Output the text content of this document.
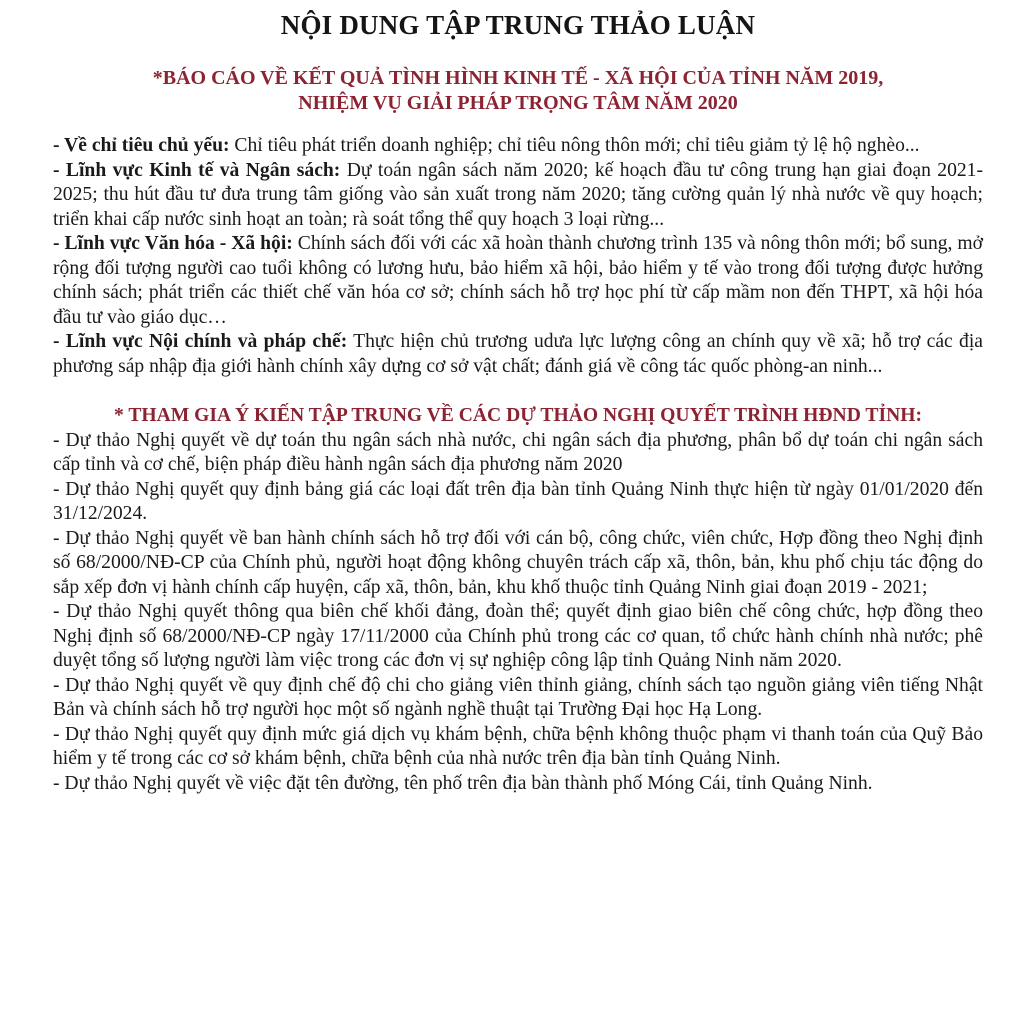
NỘI DUNG TẬP TRUNG THẢO LUẬN
*BÁO CÁO VỀ KẾT QUẢ TÌNH HÌNH KINH TẾ - XÃ HỘI CỦA TỈNH NĂM 2019,
NHIỆM VỤ GIẢI PHÁP TRỌNG TÂM NĂM 2020

- Về chỉ tiêu chủ yếu: Chỉ tiêu phát triển doanh nghiệp; chỉ tiêu nông thôn mới; chỉ tiêu giảm tỷ lệ hộ nghèo...

- Lĩnh vực Kinh tế và Ngân sách: Dự toán ngân sách năm 2020; kế hoạch đầu tư công trung hạn giai đoạn 2021-2025; thu hút đầu tư đưa trung tâm giống vào sản xuất trong năm 2020; tăng cường quản lý nhà nước về quy hoạch; triển khai cấp nước sinh hoạt an toàn; rà soát tổng thể quy hoạch 3 loại rừng...

- Lĩnh vực Văn hóa - Xã hội: Chính sách đối với các xã hoàn thành chương trình 135 và nông thôn mới; bổ sung, mở rộng đối tượng người cao tuổi không có lương hưu, bảo hiểm xã hội, bảo hiểm y tế vào trong đối tượng được hưởng chính sách; phát triển các thiết chế văn hóa cơ sở; chính sách hỗ trợ học phí từ cấp mầm non đến THPT, xã hội hóa đầu tư vào giáo dục…

- Lĩnh vực Nội chính và pháp chế: Thực hiện chủ trương udưa lực lượng công an chính quy về xã; hỗ trợ các địa phương sáp nhập địa giới hành chính xây dựng cơ sở vật chất; đánh giá về công tác quốc phòng-an ninh...

* THAM GIA Ý KIẾN TẬP TRUNG VỀ CÁC DỰ THẢO NGHỊ QUYẾT TRÌNH HĐND TỈNH:

- Dự thảo Nghị quyết về dự toán thu ngân sách nhà nước, chi ngân sách địa phương, phân bổ dự toán chi ngân sách cấp tỉnh và cơ chế, biện pháp điều hành ngân sách địa phương năm 2020

- Dự thảo Nghị quyết quy định bảng giá các loại đất trên địa bàn tỉnh Quảng Ninh thực hiện từ ngày 01/01/2020 đến 31/12/2024.

- Dự thảo Nghị quyết về ban hành chính sách hỗ trợ đối với cán bộ, công chức, viên chức, Hợp đồng theo Nghị định số 68/2000/NĐ-CP của Chính phủ, người hoạt động không chuyên trách cấp xã, thôn, bản, khu phố chịu tác động do sắp xếp đơn vị hành chính cấp huyện, cấp xã, thôn, bản, khu khố thuộc tỉnh Quảng Ninh giai đoạn 2019 - 2021;

- Dự thảo Nghị quyết thông qua biên chế khối đảng, đoàn thể; quyết định giao biên chế công chức, hợp đồng theo Nghị định số 68/2000/NĐ-CP ngày 17/11/2000 của Chính phủ trong các cơ quan, tổ chức hành chính nhà nước; phê duyệt tổng số lượng người làm việc trong các đơn vị sự nghiệp công lập tỉnh Quảng Ninh năm 2020.

- Dự thảo Nghị quyết về quy định chế độ chi cho giảng viên thỉnh giảng, chính sách tạo nguồn giảng viên tiếng Nhật Bản và chính sách hỗ trợ người học một số ngành nghề thuật tại Trường Đại học Hạ Long.

- Dự thảo Nghị quyết quy định mức giá dịch vụ khám bệnh, chữa bệnh không thuộc phạm vi thanh toán của Quỹ Bảo hiểm y tế trong các cơ sở khám bệnh, chữa bệnh của nhà nước trên địa bàn tỉnh Quảng Ninh.

- Dự thảo Nghị quyết về việc đặt tên đường, tên phố trên địa bàn thành phố Móng Cái, tỉnh Quảng Ninh.
